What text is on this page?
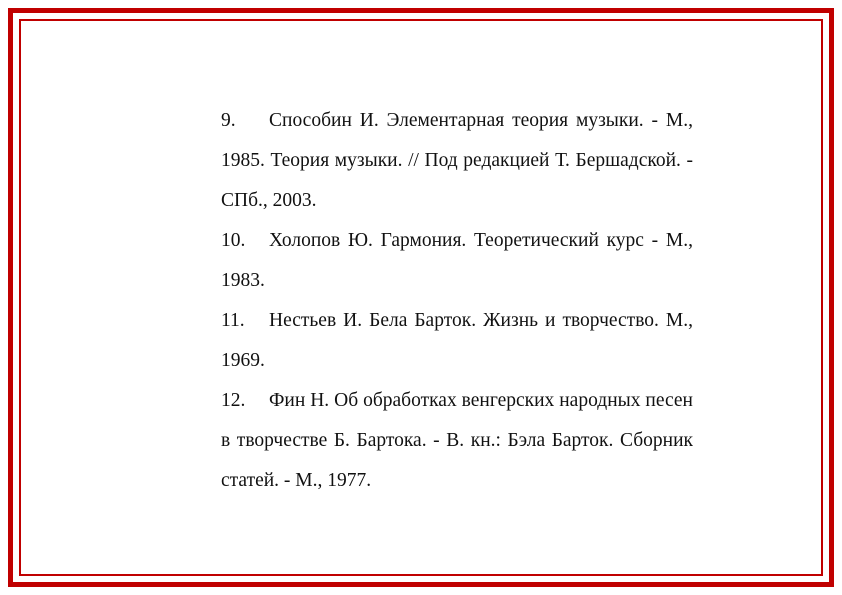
9. Способин И. Элементарная теория музыки. - М., 1985. Теория музыки. // Под редакцией Т. Бершадской. - СПб., 2003.
10. Холопов Ю. Гармония. Теоретический курс - М., 1983.
11. Нестьев И. Бела Барток. Жизнь и творчество. М., 1969.
12. Фин Н. Об обработках венгерских народных песен в творчестве Б. Бартока. - В. кн.: Бэла Барток. Сборник статей. - М., 1977.
